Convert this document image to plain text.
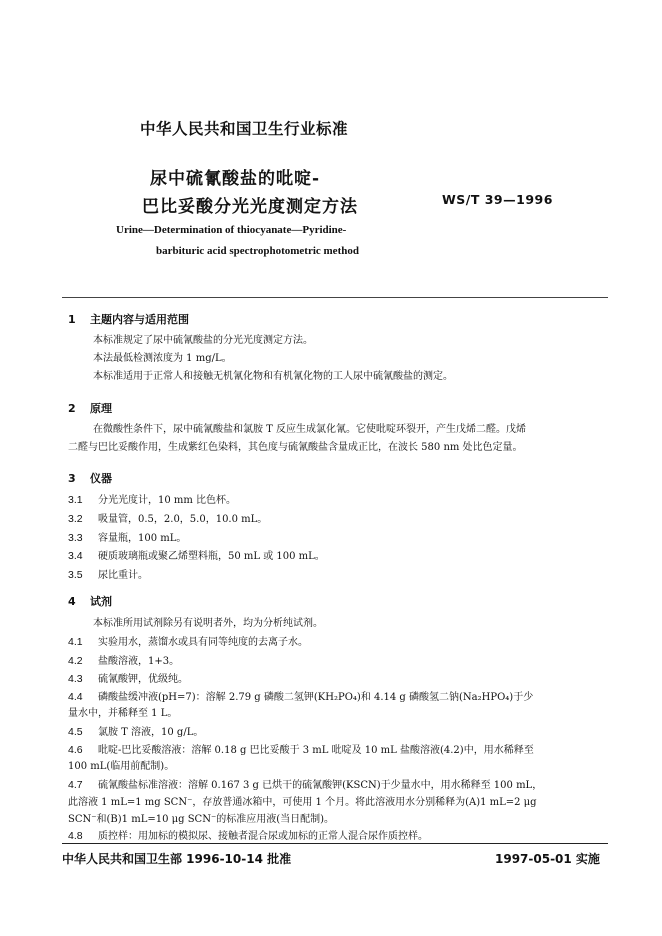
中华人民共和国卫生行业标准
尿中硫氰酸盐的吡啶-
巴比妥酸分光光度测定方法	WS/T 39—1996
Urine—Determination of thiocyanate—Pyridine-
barbituric acid spectrophotometric method
1 主题内容与适用范围
本标准规定了尿中硫氰酸盐的分光光度测定方法。
本法最低检测浓度为 1 mg/L。
本标准适用于正常人和接触无机氰化物和有机氰化物的工人尿中硫氰酸盐的测定。
2 原理
在微酸性条件下，尿中硫氰酸盐和氯胺 T 反应生成氯化氰。它使吡啶环裂开，产生戊烯二醛。戊烯
二醛与巴比妥酸作用，生成紫红色染料，其色度与硫氰酸盐含量成正比，在波长 580 nm 处比色定量。
3 仪器
3.1 分光光度计，10 mm 比色杯。
3.2 吸量管，0.5，2.0，5.0，10.0 mL。
3.3 容量瓶，100 mL。
3.4 硬质玻璃瓶或聚乙烯塑料瓶，50 mL 或 100 mL。
3.5 尿比重计。
4 试剂
本标准所用试剂除另有说明者外，均为分析纯试剂。
4.1 实验用水，蒸馏水或具有同等纯度的去离子水。
4.2 盐酸溶液，1+3。
4.3 硫氰酸钾，优级纯。
4.4 磷酸盐缓冲液(pH=7)：溶解 2.79 g 磷酸二氢钾(KH₂PO₄)和 4.14 g 磷酸氢二钠(Na₂HPO₄)于少
量水中，并稀释至 1 L。
4.5 氯胺 T 溶液，10 g/L。
4.6 吡啶-巴比妥酸溶液：溶解 0.18 g 巴比妥酸于 3 mL 吡啶及 10 mL 盐酸溶液(4.2)中，用水稀释至
100 mL(临用前配制)。
4.7 硫氰酸盐标准溶液：溶解 0.167 3 g 已烘干的硫氰酸钾(KSCN)于少量水中，用水稀释至 100 mL，
此溶液 1 mL=1 mg SCN⁻，存放普通冰箱中，可使用 1 个月。将此溶液用水分别稀释为(A)1 mL=2 μg
SCN⁻和(B)1 mL=10 μg SCN⁻的标准应用液(当日配制)。
4.8 质控样：用加标的模拟尿、接触者混合尿或加标的正常人混合尿作质控样。
中华人民共和国卫生部 1996-10-14 批准	1997-05-01 实施
